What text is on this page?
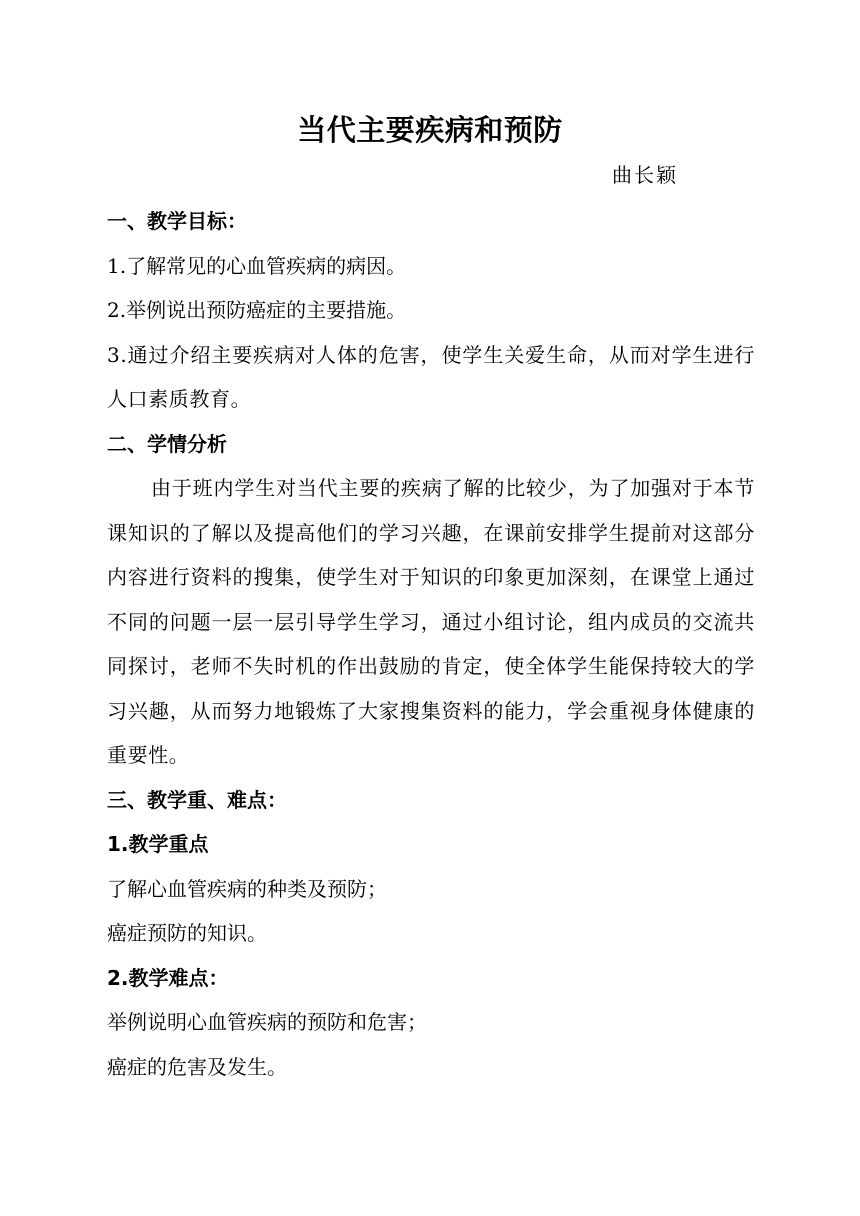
当代主要疾病和预防
曲长颖
一、教学目标：
1.了解常见的心血管疾病的病因。
2.举例说出预防癌症的主要措施。
3.通过介绍主要疾病对人体的危害，使学生关爱生命，从而对学生进行人口素质教育。
二、学情分析
由于班内学生对当代主要的疾病了解的比较少，为了加强对于本节课知识的了解以及提高他们的学习兴趣，在课前安排学生提前对这部分内容进行资料的搜集，使学生对于知识的印象更加深刻，在课堂上通过不同的问题一层一层引导学生学习，通过小组讨论，组内成员的交流共同探讨，老师不失时机的作出鼓励的肯定，使全体学生能保持较大的学习兴趣，从而努力地锻炼了大家搜集资料的能力，学会重视身体健康的重要性。
三、教学重、难点：
1.教学重点
了解心血管疾病的种类及预防；
癌症预防的知识。
2.教学难点：
举例说明心血管疾病的预防和危害；
癌症的危害及发生。
